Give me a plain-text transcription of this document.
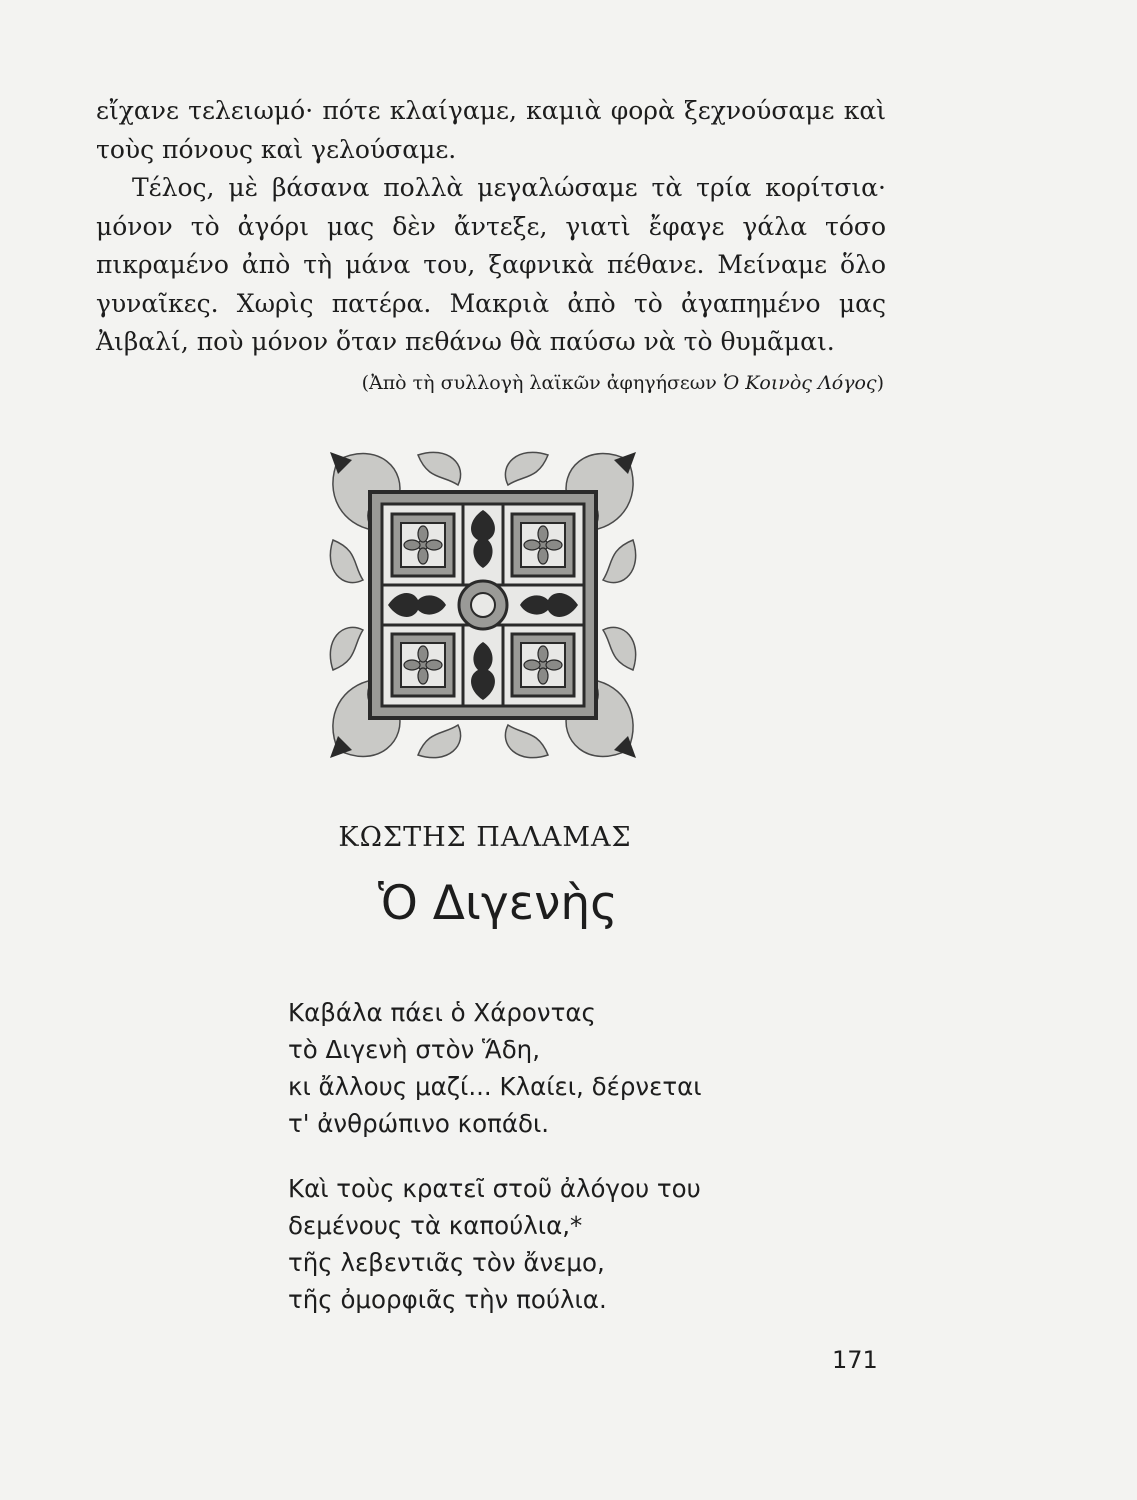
εἴχανε τελειωμό· πότε κλαίγαμε, καμιὰ φορὰ ξεχνούσαμε καὶ τοὺς πόνους καὶ γελούσαμε.

Τέλος, μὲ βάσανα πολλὰ μεγαλώσαμε τὰ τρία κορίτσια· μόνον τὸ ἀγόρι μας δὲν ἄντεξε, γιατὶ ἔφαγε γάλα τόσο πικραμένο ἀπὸ τὴ μάνα του, ξαφνικὰ πέθανε. Μείναμε ὅλο γυναῖκες. Χωρὶς πατέρα. Μακριὰ ἀπὸ τὸ ἀγαπημένο μας Ἀιβαλί, ποὺ μόνον ὅταν πεθάνω θὰ παύσω νὰ τὸ θυμᾶμαι.

(Ἀπὸ τὴ συλλογὴ λαϊκῶν ἀφηγήσεων Ὁ Κοινὸς Λόγος)
ΚΩΣΤΗΣ ΠΑΛΑΜΑΣ
Ὁ Διγενὴς
Καβάλα πάει ὁ Χάροντας
τὸ Διγενὴ στὸν Ἅδη,
κι ἄλλους μαζί... Κλαίει, δέρνεται
τ' ἀνθρώπινο κοπάδι.
Καὶ τοὺς κρατεῖ στοῦ ἀλόγου του
δεμένους τὰ καπούλια,*
τῆς λεβεντιᾶς τὸν ἄνεμο,
τῆς ὀμορφιᾶς τὴν πούλια.
171
